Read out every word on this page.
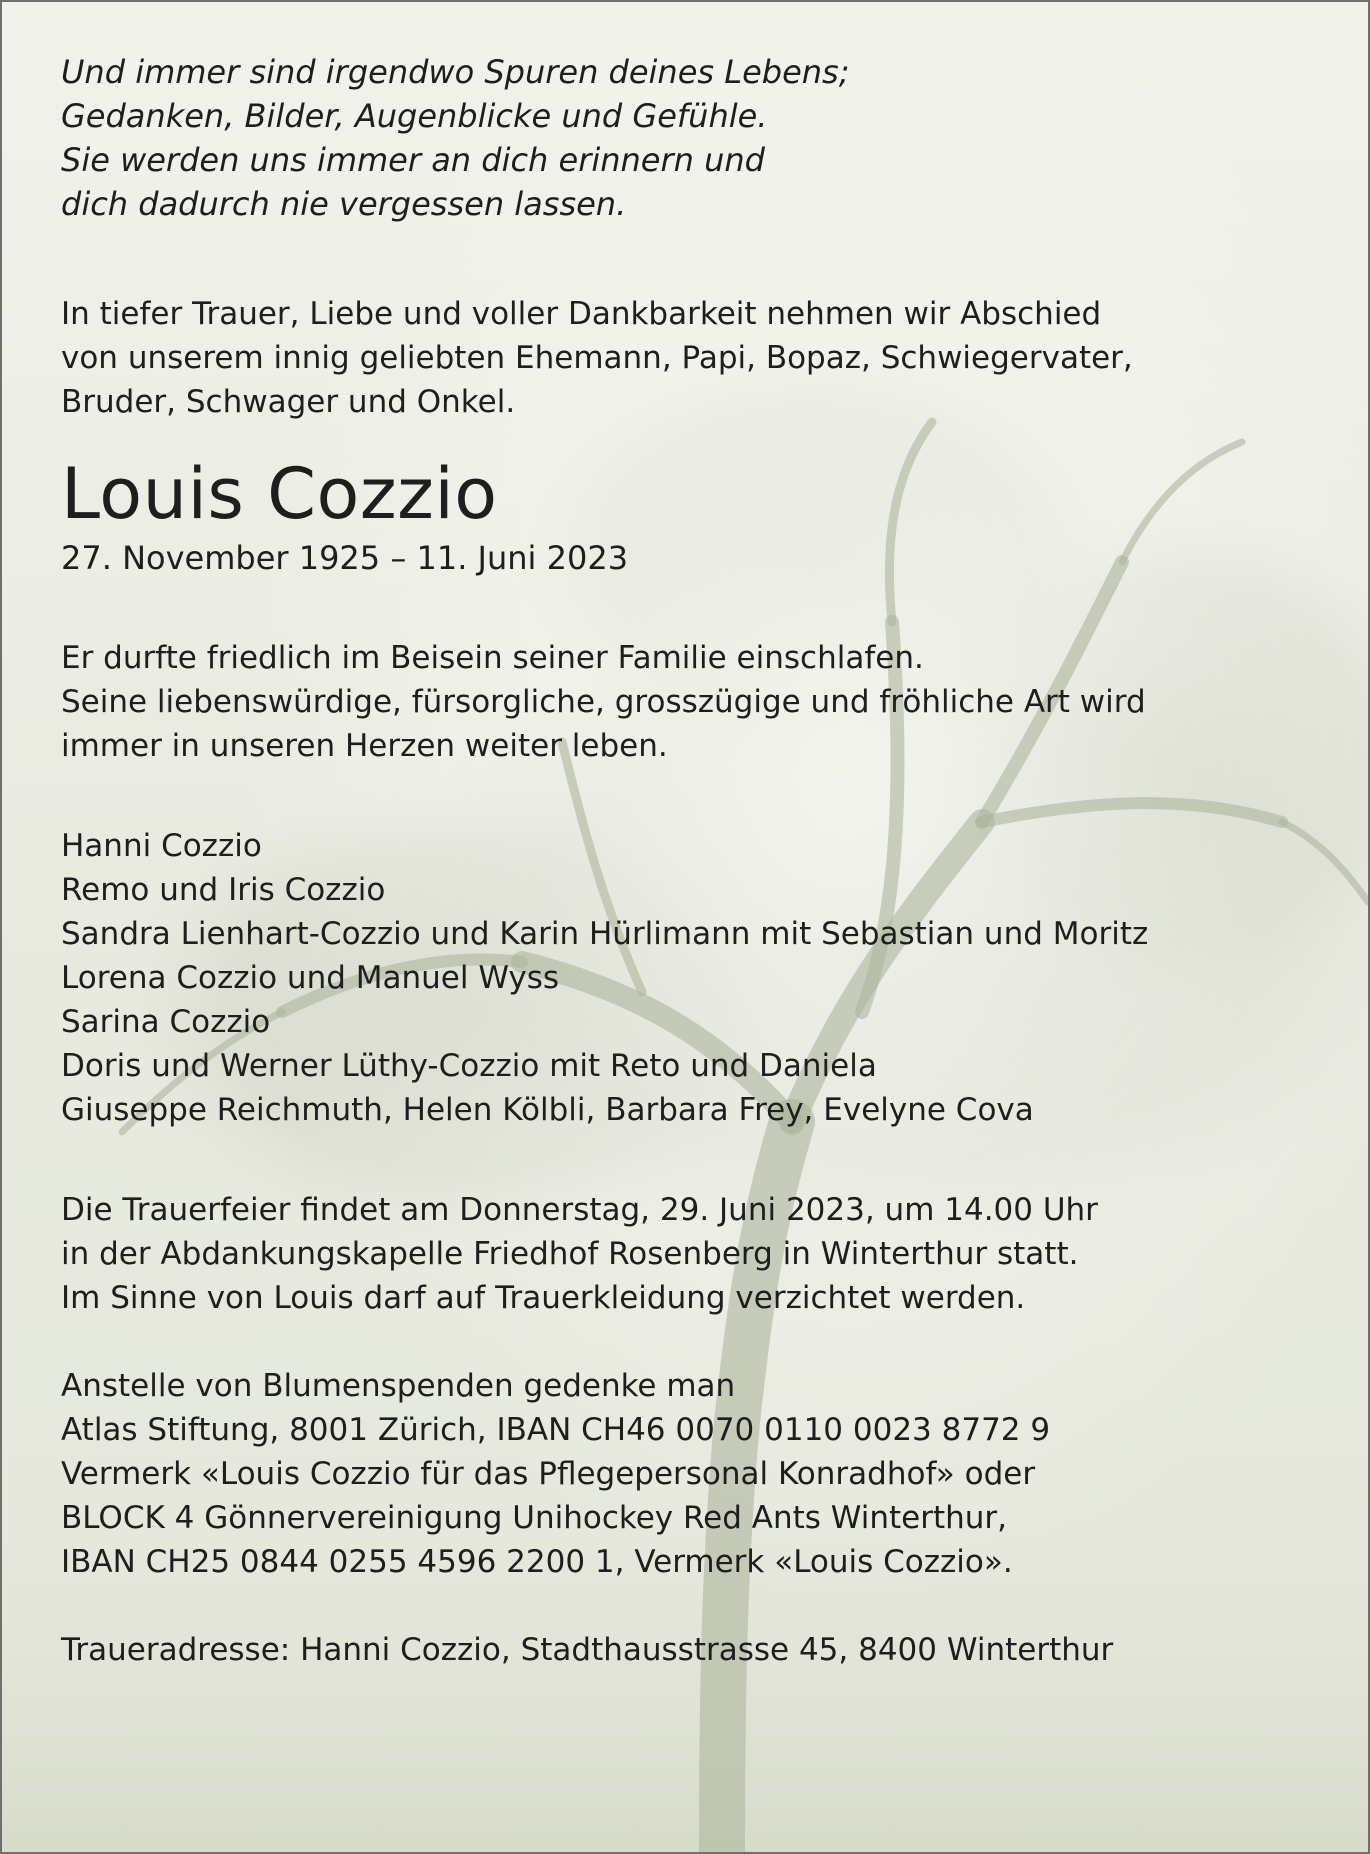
Und immer sind irgendwo Spuren deines Lebens;
Gedanken, Bilder, Augenblicke und Gefühle.
Sie werden uns immer an dich erinnern und
dich dadurch nie vergessen lassen.
In tiefer Trauer, Liebe und voller Dankbarkeit nehmen wir Abschied
von unserem innig geliebten Ehemann, Papi, Bopaz, Schwiegervater,
Bruder, Schwager und Onkel.
Louis Cozzio
27. November 1925 – 11. Juni 2023
Er durfte friedlich im Beisein seiner Familie einschlafen.
Seine liebenswürdige, fürsorgliche, grosszügige und fröhliche Art wird
immer in unseren Herzen weiter leben.
Hanni Cozzio
Remo und Iris Cozzio
Sandra Lienhart-Cozzio und Karin Hürlimann mit Sebastian und Moritz
Lorena Cozzio und Manuel Wyss
Sarina Cozzio
Doris und Werner Lüthy-Cozzio mit Reto und Daniela
Giuseppe Reichmuth, Helen Kölbli, Barbara Frey, Evelyne Cova
Die Trauerfeier findet am Donnerstag, 29. Juni 2023, um 14.00 Uhr
in der Abdankungskapelle Friedhof Rosenberg in Winterthur statt.
Im Sinne von Louis darf auf Trauerkleidung verzichtet werden.
Anstelle von Blumenspenden gedenke man
Atlas Stiftung, 8001 Zürich, IBAN CH46 0070 0110 0023 8772 9
Vermerk «Louis Cozzio für das Pflegepersonal Konradhof» oder
BLOCK 4 Gönnervereinigung Unihockey Red Ants Winterthur,
IBAN CH25 0844 0255 4596 2200 1, Vermerk «Louis Cozzio».
Traueradresse: Hanni Cozzio, Stadthausstrasse 45, 8400 Winterthur
